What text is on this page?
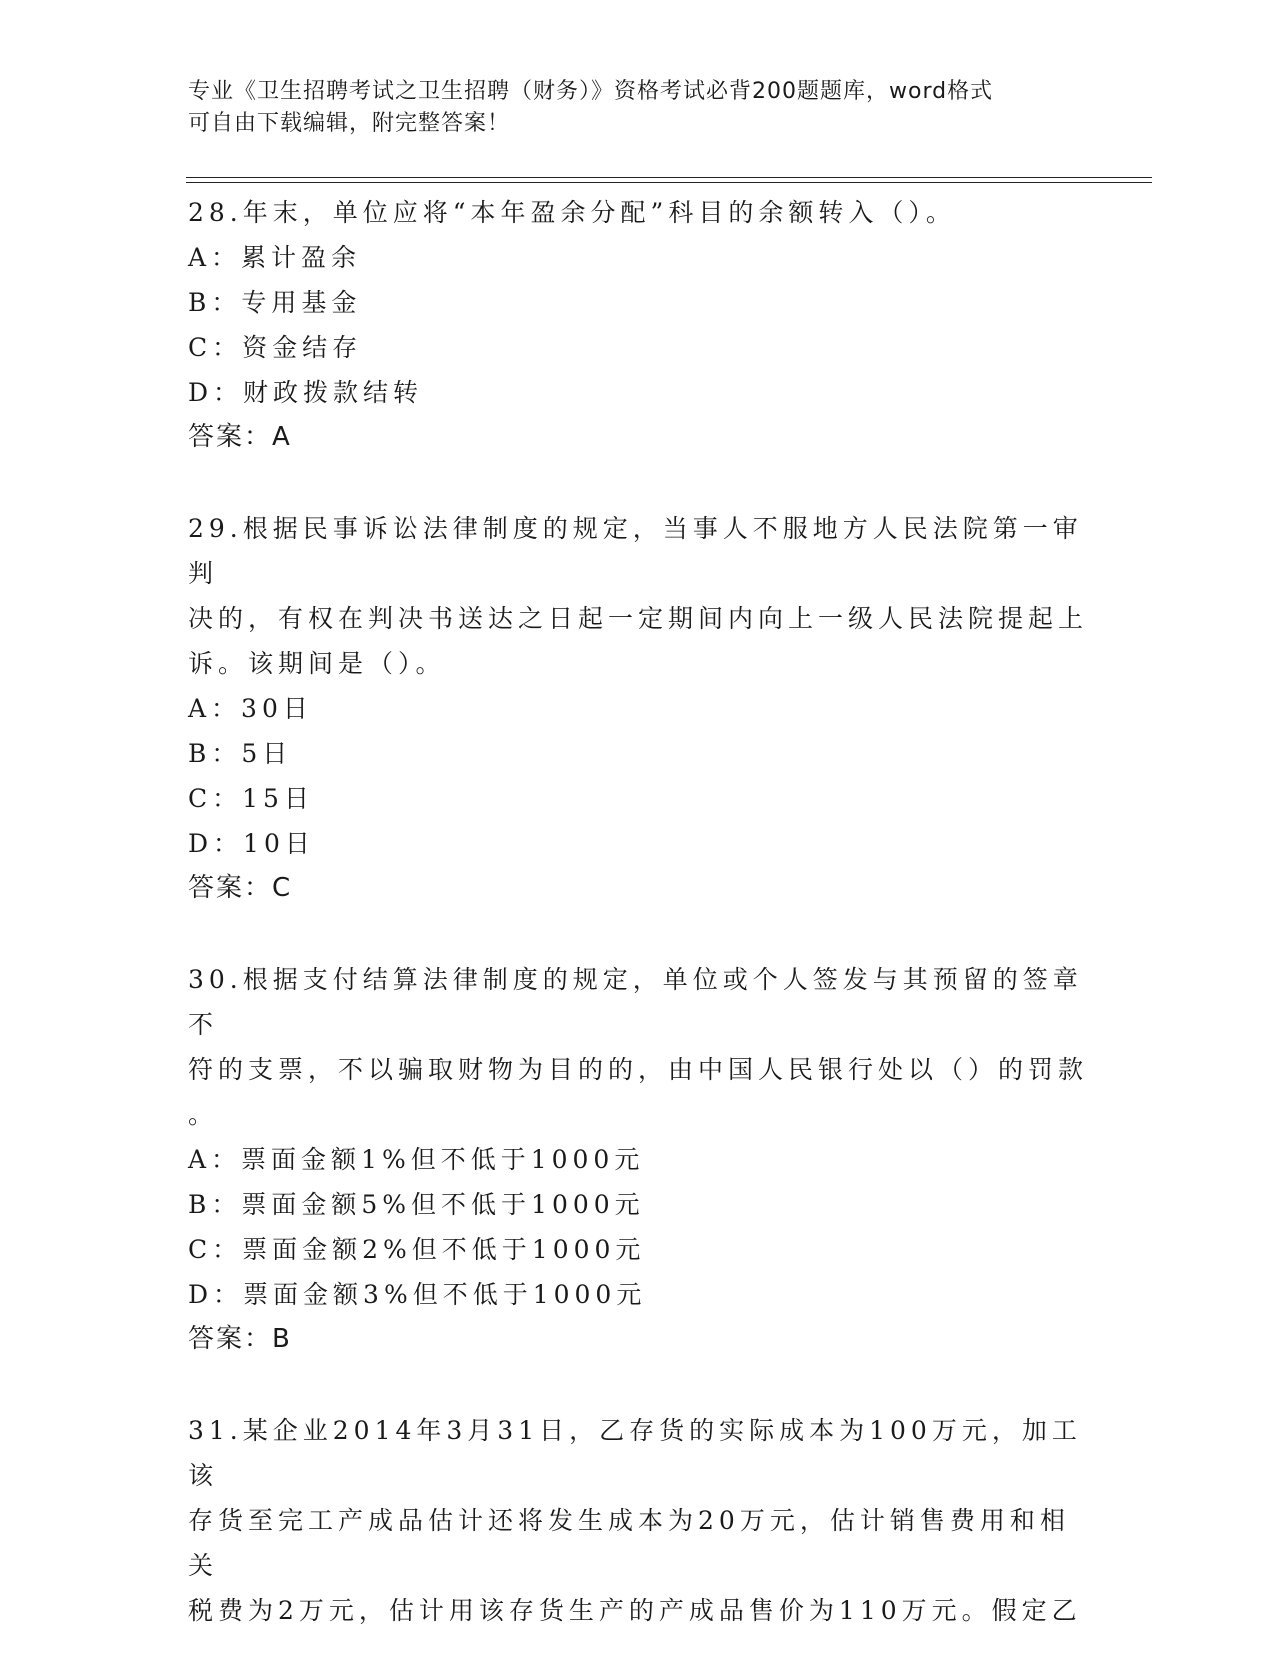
专业《卫生招聘考试之卫生招聘（财务）》资格考试必背200题题库，word格式
可自由下载编辑，附完整答案！

28.年末，单位应将“本年盈余分配”科目的余额转入（）。

A：累计盈余

B：专用基金

C：资金结存

D：财政拨款结转

答案：A

29.根据民事诉讼法律制度的规定，当事人不服地方人民法院第一审判

决的，有权在判决书送达之日起一定期间内向上一级人民法院提起上

诉。该期间是（）。

A：30日

B：5日

C：15日

D：10日

答案：C

30.根据支付结算法律制度的规定，单位或个人签发与其预留的签章不

符的支票，不以骗取财物为目的的，由中国人民银行处以（）的罚款

。

A：票面金额1%但不低于1000元

B：票面金额5%但不低于1000元

C：票面金额2%但不低于1000元

D：票面金额3%但不低于1000元

答案：B

31.某企业2014年3月31日，乙存货的实际成本为100万元，加工该

存货至完工产成品估计还将发生成本为20万元，估计销售费用和相关

税费为2万元，估计用该存货生产的产成品售价为110万元。假定乙
